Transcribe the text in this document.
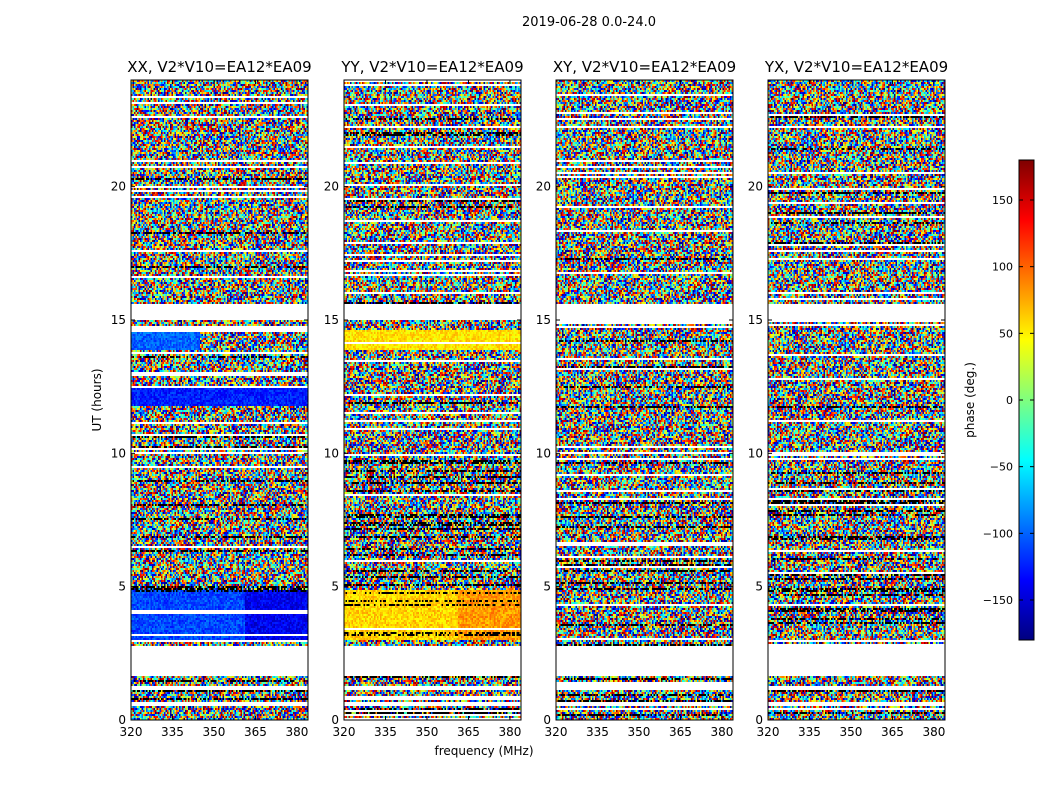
2019-06-28 0.0-24.0
frequency (MHz)
UT (hours)	phase (deg.)
XX, V2*V10=EA12*EA09
320 335 350 365 380
0
5
10
15
20
YY, V2*V10=EA12*EA09
320 335 350 365 380
0
5
10
15
20
XY, V2*V10=EA12*EA09
320 335 350 365 380
0
5
10
15
20
YX, V2*V10=EA12*EA09
320 335 350 365 380
0
5
10
15
20
−150
−100
−50
0
50
100
150
